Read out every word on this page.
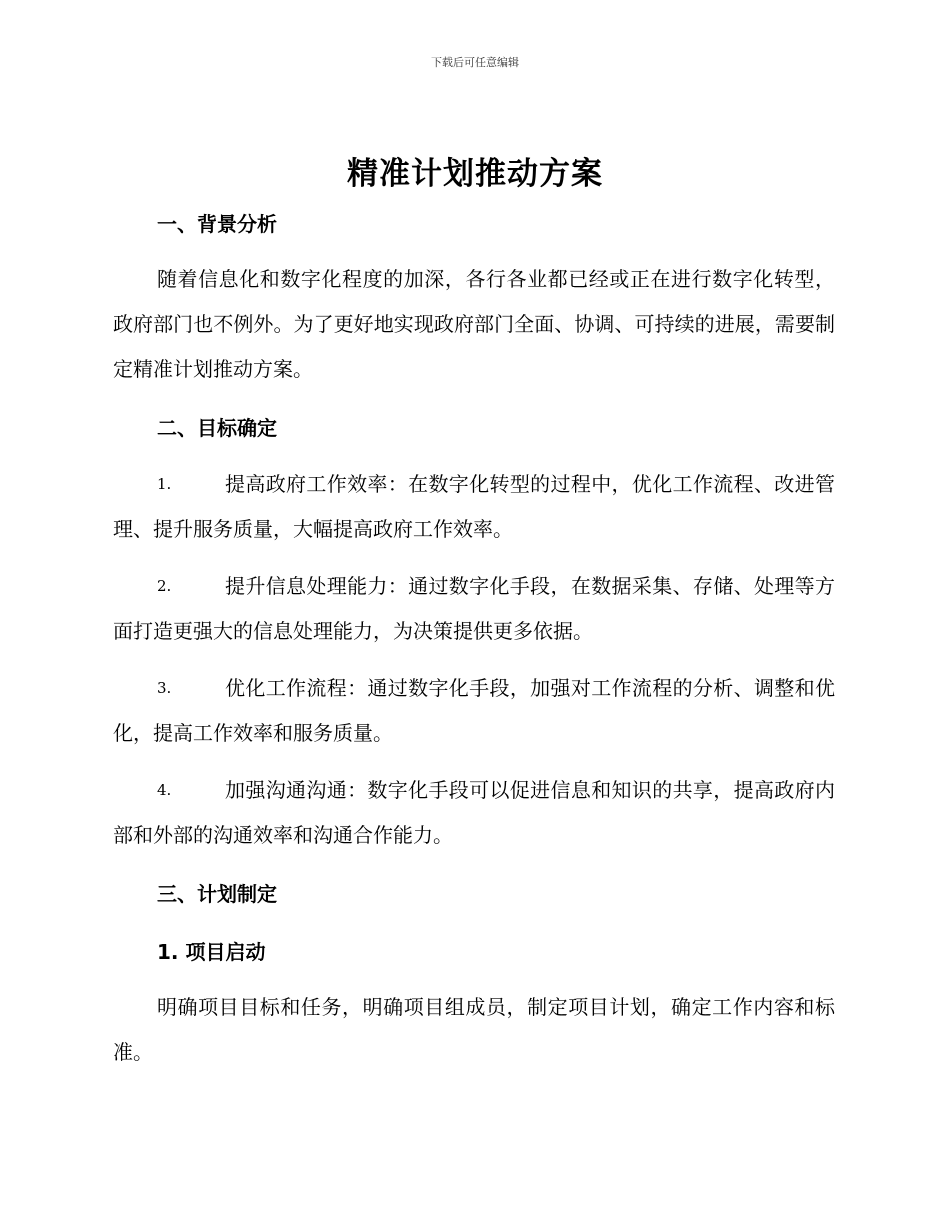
下载后可任意编辑
精准计划推动方案
一、背景分析
随着信息化和数字化程度的加深，各行各业都已经或正在进行数字化转型，政府部门也不例外。为了更好地实现政府部门全面、协调、可持续的进展，需要制定精准计划推动方案。
二、目标确定
1.	提高政府工作效率：在数字化转型的过程中，优化工作流程、改进管理、提升服务质量，大幅提高政府工作效率。
2.	提升信息处理能力：通过数字化手段，在数据采集、存储、处理等方面打造更强大的信息处理能力，为决策提供更多依据。
3.	优化工作流程：通过数字化手段，加强对工作流程的分析、调整和优化，提高工作效率和服务质量。
4.	加强沟通沟通：数字化手段可以促进信息和知识的共享，提高政府内部和外部的沟通效率和沟通合作能力。
三、计划制定
1. 项目启动
明确项目目标和任务，明确项目组成员，制定项目计划，确定工作内容和标准。
